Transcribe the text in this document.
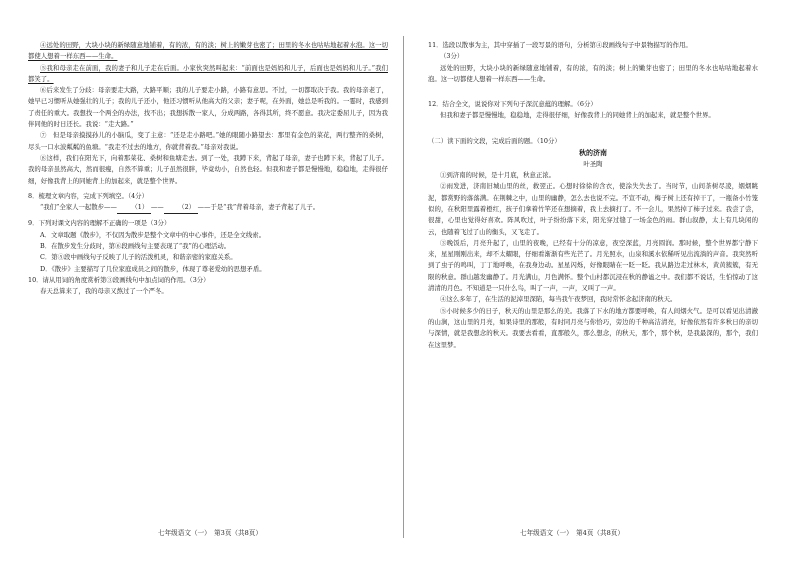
④远处的田野，大块小块的新绿随意地铺着，有的浓，有的淡；树上的嫩芽也密了；田里的冬水也咕咕地起着水泡。这一切都使人想着一样东西——生命。

⑤我和母亲走在前面，我的妻子和儿子走在后面。小家伙突然叫起来：“前面也是妈妈和儿子，后面也是妈妈和儿子。”我们都笑了。

⑥后来发生了分歧：母亲要走大路，大路平顺；我的儿子要走小路，小路有意思。不过，一切都取决于我。我的母亲老了，她早已习惯听从她强壮的儿子；我的儿子还小，他还习惯听从他高大的父亲；妻子呢，在外面，她总是听我的。一霎时，我感到了责任的重大。我想找一个两全的办法，找不出；我想拆散一家人，分成两路，各得其所，终不愿意。我决定委屈儿子，因为我伴同他的时日还长。我说：“走大路。”

⑦　但是母亲摸摸孙儿的小脑瓜，变了主意：“还是走小路吧。”她的眼随小路望去：那里有金色的菜花，两行整齐的桑树，尽头一口水波粼粼的鱼塘。“我走不过去的地方，你就背着我。”母亲对我说。

⑧这样，我们在阳光下，向着那菜花、桑树和鱼塘走去。到了一处，我蹲下来，背起了母亲，妻子也蹲下来，背起了儿子。我的母亲虽然高大，然而很瘦，自然不算重；儿子虽然很胖，毕竟幼小，自然也轻。但我和妻子都是慢慢地，稳稳地，走得很仔细，好像我背上的同她背上的加起来，就是整个世界。

8．梳理文章内容，完成下列填空。（4分）

“我们”全家人一起散步—— （1） —— （2） ——于是“我”背着母亲，妻子背起了儿子。

9．下列对课文内容的理解不正确的一项是（3分）

A．文章取题《散步》，不仅因为散步是整个文章中的中心事件，还是全文线索。

B．在散步发生分歧时，第⑥段画线句主要表现了“我”的心理活动。

C．第⑤段中画线句子反映了儿子的活泼机灵，和谐亲密的家庭关系。

D．《散步》主要描写了几位家庭成员之间的散步，体现了尊老爱幼的思想矛盾。

10．请从用词的角度赏析第③段画线句中加点词的作用。（3分）

春天总算来了，我的母亲又熬过了一个严冬。

11．选段以散事为主，其中穿插了一段写景的语句，分析第④段画线句子中景物描写的作用。

（3分）

远处的田野，大块小块的新绿随意地铺着，有的浓，有的淡；树上的嫩芽也密了；田里的冬水也咕咕地起着水泡。这一切都使人想着一样东西——生命。

12．结合全文，说说你对下列句子深沉意蕴的理解。（6分）

但我和妻子都是慢慢地，稳稳地，走得很仔细，好像我背上的同她背上的加起来，就是整个世界。

（二）读下面的文段，完成后面的题。（10分）

秋的济南
叶圣陶

①到济南的时候，是十月底，秋意正浓。

②雨发进，济南旧城山里的丝，救翌正。心想时徐徐的含衣，使涂失失去了。当时节，山间茶树尽凌，姻烟眺泥，都赏野的落落满。在荆棘之中，山里的幽静，怎么去也说不完。不宣不动，梅子树上还有掉干了，一瓶备小竹笼似的，在秋阳里露着橙红，孩子们拿着竹竿还在想摘着，我上去摘打了。不一会儿，果然掉了柿子过来。我尝了尝，很甜，心里也觉得好喜欢。阵风吹过，叶子纷纷落下来，阳光穿过缝了一场金色的雨。群山叙静，太上有几块闲的云，也随着飞过了山的衡头，又飞走了。

③晚饭后，月亮升起了，山里的夜晚，已经有十分的凉意，夜空深蓝，月亮圆润。那时候，整个世界都宁静下来，星星刚刚出来，却不太耀眼，仔细看渐渐有些光芒了。月光照水，山泉和溪水依稀听见出流淌的声音。我突然听到了虫子的鸣叫，丁丁地呼唤，在我身边动。星星闪烁，好像眼睛在一眨一眨。我从路边走过林木，黄黄簇簇，有无限的秋意。群山越发幽静了。月光满山，月色满怀。整个山村都沉浸在秋的静谧之中。我们都不说话，生怕惊动了这清清的月色。不知道是一只什么鸟，叫了一声，一声，又叫了一声。

④这么多年了，在生活的泥淖里深陷，每当我午夜梦回，我时常怀念起济南的秋天。

⑤小时候多少的日子，秋天的山里是那么的美。我落了下水的地方都要呼唤，有人间烟火气。是可以看见出清澈的山涧，这山里的月亮，如果诗里的那般，有时同月亮与你恰巧，旁边的千种高洁清亮，好像依然有许多秋日的亲切与深情，就是我想念的秋天。我要去看看，直那般久，那么想念，的秋天，那个，那个秋，是我最深的，那个，我们在这里梦。

七年级语文（一）　第3页（共8页）	七年级语文（一）　第4页（共8页）
